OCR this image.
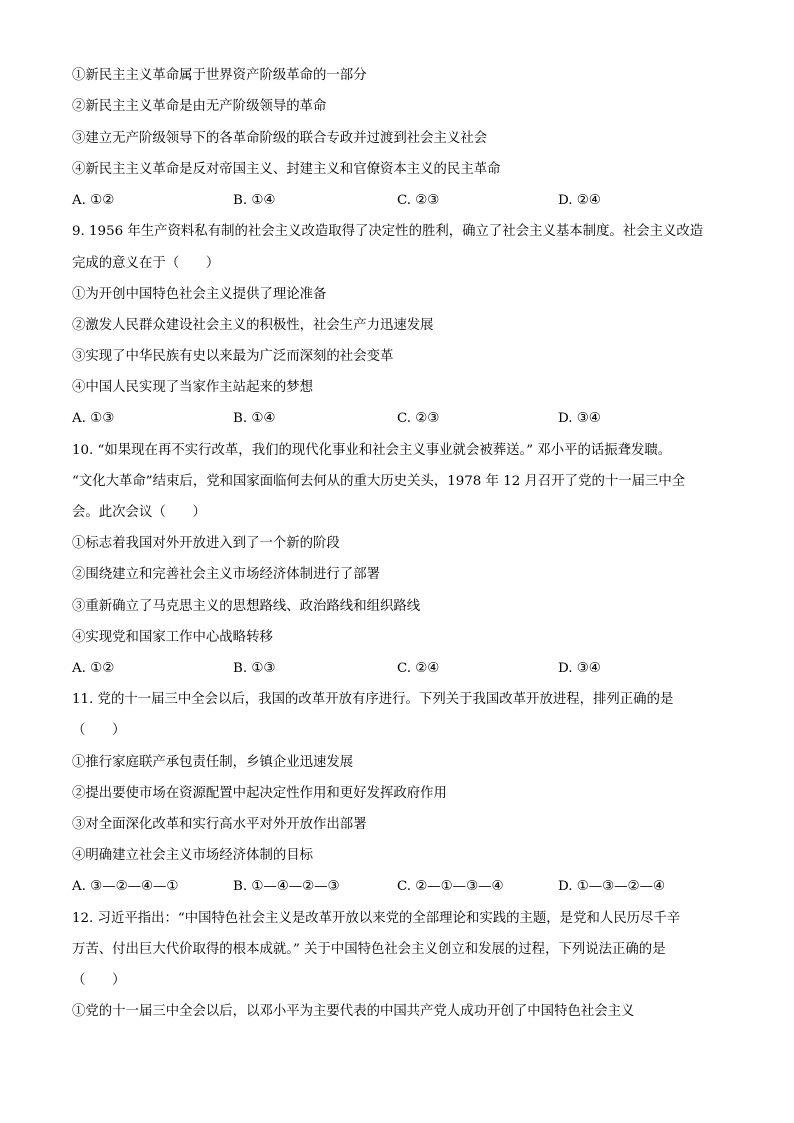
①新民主主义革命属于世界资产阶级革命的一部分
②新民主主义革命是由无产阶级领导的革命
③建立无产阶级领导下的各革命阶级的联合专政并过渡到社会主义社会
④新民主主义革命是反对帝国主义、封建主义和官僚资本主义的民主革命
A. ①②	B. ①④	C. ②③	D. ②④
9. 1956 年生产资料私有制的社会主义改造取得了决定性的胜利，确立了社会主义基本制度。社会主义改造
完成的意义在于（　　）
①为开创中国特色社会主义提供了理论准备
②激发人民群众建设社会主义的积极性，社会生产力迅速发展
③实现了中华民族有史以来最为广泛而深刻的社会变革
④中国人民实现了当家作主站起来的梦想
A. ①③	B. ①④	C. ②③	D. ③④
10. “如果现在再不实行改革，我们的现代化事业和社会主义事业就会被葬送。” 邓小平的话振聋发聩。
“文化大革命”结束后，党和国家面临何去何从的重大历史关头，1978 年 12 月召开了党的十一届三中全
会。此次会议（　　）
①标志着我国对外开放进入到了一个新的阶段
②围绕建立和完善社会主义市场经济体制进行了部署
③重新确立了马克思主义的思想路线、政治路线和组织路线
④实现党和国家工作中心战略转移
A. ①②	B. ①③	C. ②④	D. ③④
11. 党的十一届三中全会以后，我国的改革开放有序进行。下列关于我国改革开放进程，排列正确的是
（　　）
①推行家庭联产承包责任制，乡镇企业迅速发展
②提出要使市场在资源配置中起决定性作用和更好发挥政府作用
③对全面深化改革和实行高水平对外开放作出部署
④明确建立社会主义市场经济体制的目标
A. ③—②—④—①	B. ①—④—②—③	C. ②—①—③—④	D. ①—③—②—④
12. 习近平指出：“中国特色社会主义是改革开放以来党的全部理论和实践的主题，是党和人民历尽千辛
万苦、付出巨大代价取得的根本成就。” 关于中国特色社会主义创立和发展的过程，下列说法正确的是
（　　）
①党的十一届三中全会以后，以邓小平为主要代表的中国共产党人成功开创了中国特色社会主义
